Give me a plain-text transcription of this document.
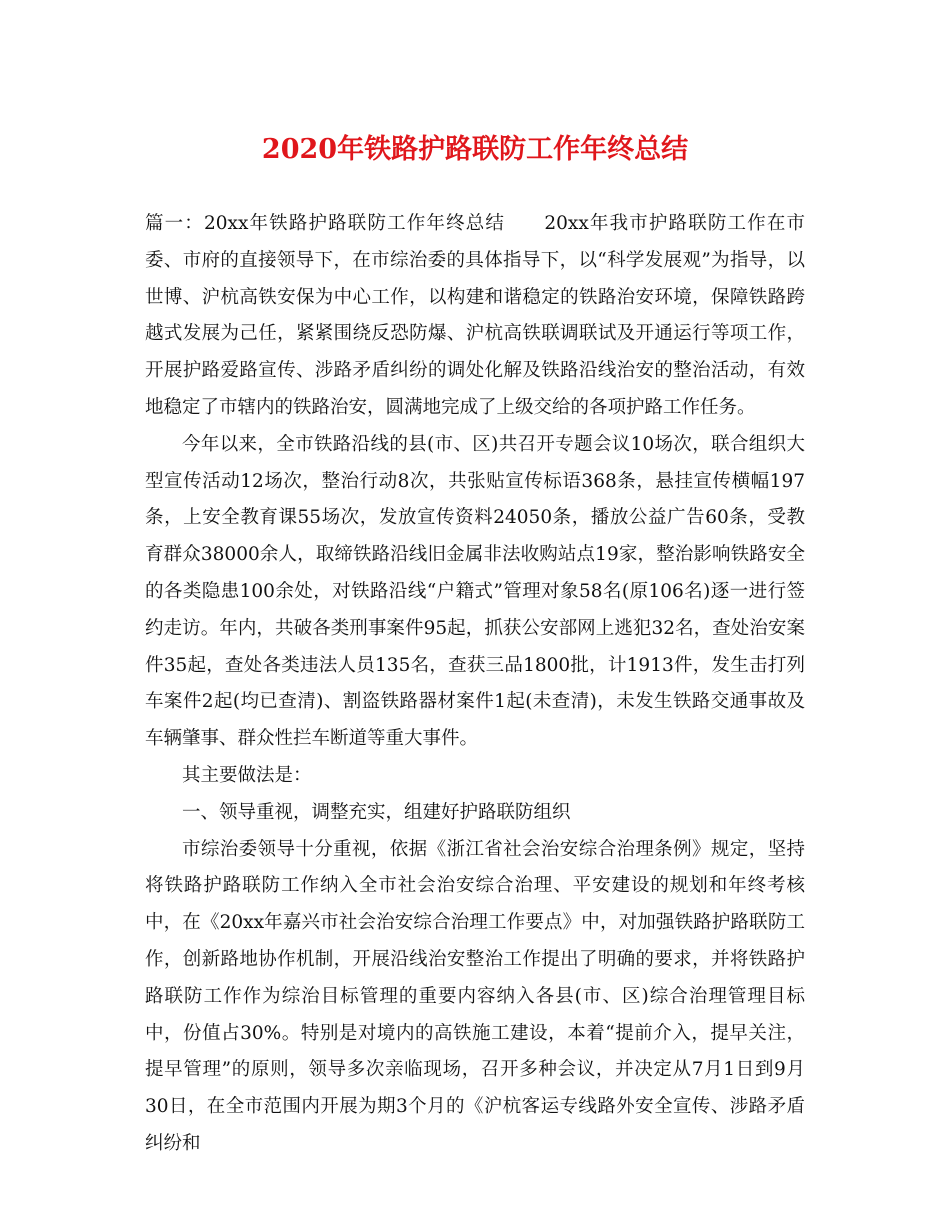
2020年铁路护路联防工作年终总结

篇一：20xx年铁路护路联防工作年终总结　　20xx年我市护路联防工作在市委、市府的直接领导下，在市综治委的具体指导下，以“科学发展观”为指导，以世博、沪杭高铁安保为中心工作，以构建和谐稳定的铁路治安环境，保障铁路跨越式发展为己任，紧紧围绕反恐防爆、沪杭高铁联调联试及开通运行等项工作，开展护路爱路宣传、涉路矛盾纠纷的调处化解及铁路沿线治安的整治活动，有效地稳定了市辖内的铁路治安，圆满地完成了上级交给的各项护路工作任务。

今年以来，全市铁路沿线的县(市、区)共召开专题会议10场次，联合组织大型宣传活动12场次，整治行动8次，共张贴宣传标语368条，悬挂宣传横幅197条，上安全教育课55场次，发放宣传资料24050条，播放公益广告60条，受教育群众38000余人，取缔铁路沿线旧金属非法收购站点19家，整治影响铁路安全的各类隐患100余处，对铁路沿线“户籍式”管理对象58名(原106名)逐一进行签约走访。年内，共破各类刑事案件95起，抓获公安部网上逃犯32名，查处治安案件35起，查处各类违法人员135名，查获三品1800批，计1913件，发生击打列车案件2起(均已查清)、割盗铁路器材案件1起(未查清)，未发生铁路交通事故及车辆肇事、群众性拦车断道等重大事件。

其主要做法是：

一、领导重视，调整充实，组建好护路联防组织

市综治委领导十分重视，依据《浙江省社会治安综合治理条例》规定，坚持将铁路护路联防工作纳入全市社会治安综合治理、平安建设的规划和年终考核中，在《20xx年嘉兴市社会治安综合治理工作要点》中，对加强铁路护路联防工作，创新路地协作机制，开展沿线治安整治工作提出了明确的要求，并将铁路护路联防工作作为综治目标管理的重要内容纳入各县(市、区)综合治理管理目标中，份值占30%。特别是对境内的高铁施工建设，本着“提前介入，提早关注，提早管理”的原则，领导多次亲临现场，召开多种会议，并决定从7月1日到9月30日，在全市范围内开展为期3个月的《沪杭客运专线路外安全宣传、涉路矛盾纠纷和
